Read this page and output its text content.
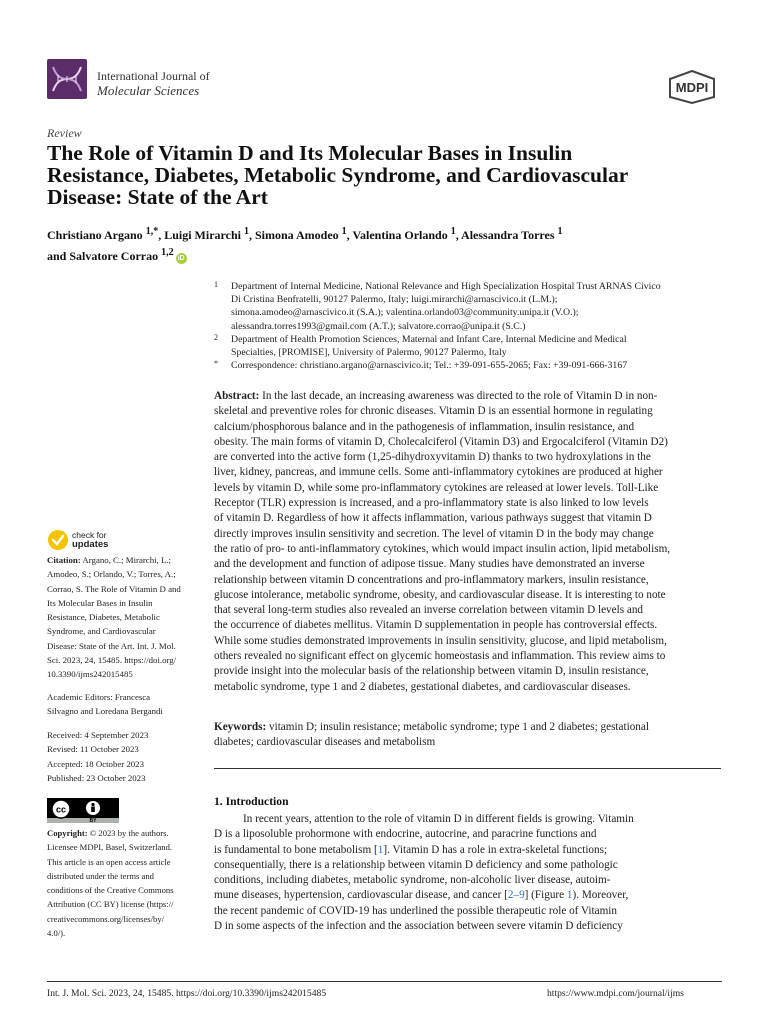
International Journal of
Molecular Sciences	MDPI
Review
The Role of Vitamin D and Its Molecular Bases in Insulin
Resistance, Diabetes, Metabolic Syndrome, and Cardiovascular
Disease: State of the Art
Christiano Argano $^{1,*}$, Luigi Mirarchi $^1$, Simona Amodeo $^1$, Valentina Orlando $^1$, Alessandra Torres $^1$
and Salvatore Corrao $^{1,2}$iD
1 Department of Internal Medicine, National Relevance and High Specialization Hospital Trust ARNAS Civico
Di Cristina Benfratelli, 90127 Palermo, Italy; luigi.mirarchi@arnascivico.it (L.M.);
simona.amodeo@arnascivico.it (S.A.); valentina.orlando03@community.unipa.it (V.O.);
alessandra.torres1993@gmail.com (A.T.); salvatore.corrao@unipa.it (S.C.)
2 Department of Health Promotion Sciences, Maternal and Infant Care, Internal Medicine and Medical
Specialties, [PROMISE], University of Palermo, 90127 Palermo, Italy
* Correspondence: christiano.argano@arnascivico.it; Tel.: +39-091-655-2065; Fax: +39-091-666-3167
Abstract: In the last decade, an increasing awareness was directed to the role of Vitamin D in non-
skeletal and preventive roles for chronic diseases. Vitamin D is an essential hormone in regulating
calcium/phosphorous balance and in the pathogenesis of inflammation, insulin resistance, and
obesity. The main forms of vitamin D, Cholecalciferol (Vitamin D3) and Ergocalciferol (Vitamin D2)
are converted into the active form (1,25-dihydroxyvitamin D) thanks to two hydroxylations in the
liver, kidney, pancreas, and immune cells. Some anti-inflammatory cytokines are produced at higher
levels by vitamin D, while some pro-inflammatory cytokines are released at lower levels. Toll-Like
Receptor (TLR) expression is increased, and a pro-inflammatory state is also linked to low levels
of vitamin D. Regardless of how it affects inflammation, various pathways suggest that vitamin D
directly improves insulin sensitivity and secretion. The level of vitamin D in the body may change
the ratio of pro- to anti-inflammatory cytokines, which would impact insulin action, lipid metabolism,
and the development and function of adipose tissue. Many studies have demonstrated an inverse
relationship between vitamin D concentrations and pro-inflammatory markers, insulin resistance,
glucose intolerance, metabolic syndrome, obesity, and cardiovascular disease. It is interesting to note
that several long-term studies also revealed an inverse correlation between vitamin D levels and
the occurrence of diabetes mellitus. Vitamin D supplementation in people has controversial effects.
While some studies demonstrated improvements in insulin sensitivity, glucose, and lipid metabolism,
others revealed no significant effect on glycemic homeostasis and inflammation. This review aims to
provide insight into the molecular basis of the relationship between vitamin D, insulin resistance,
metabolic syndrome, type 1 and 2 diabetes, gestational diabetes, and cardiovascular diseases.
Keywords: vitamin D; insulin resistance; metabolic syndrome; type 1 and 2 diabetes; gestational
diabetes; cardiovascular diseases and metabolism
1. Introduction
In recent years, attention to the role of vitamin D in different fields is growing. Vitamin
D is a liposoluble prohormone with endocrine, autocrine, and paracrine functions and
is fundamental to bone metabolism [1]. Vitamin D has a role in extra-skeletal functions;
consequentially, there is a relationship between vitamin D deficiency and some pathologic
conditions, including diabetes, metabolic syndrome, non-alcoholic liver disease, autoim-
mune diseases, hypertension, cardiovascular disease, and cancer [2–9] (Figure 1). Moreover,
the recent pandemic of COVID-19 has underlined the possible therapeutic role of Vitamin
D in some aspects of the infection and the association between severe vitamin D deficiency
check for
updates
Citation: Argano, C.; Mirarchi, L.;
Amodeo, S.; Orlando, V.; Torres, A.;
Corrao, S. The Role of Vitamin D and
Its Molecular Bases in Insulin
Resistance, Diabetes, Metabolic
Syndrome, and Cardiovascular
Disease: State of the Art. Int. J. Mol.
Sci. 2023, 24, 15485. https://doi.org/
10.3390/ijms242015485
Academic Editors: Francesca
Silvagno and Loredana Bergandi
Received: 4 September 2023
Revised: 11 October 2023
Accepted: 18 October 2023
Published: 23 October 2023
cc
BY
Copyright: © 2023 by the authors.
Licensee MDPI, Basel, Switzerland.
This article is an open access article
distributed under the terms and
conditions of the Creative Commons
Attribution (CC BY) license (https://
creativecommons.org/licenses/by/
4.0/).
Int. J. Mol. Sci. 2023, 24, 15485. https://doi.org/10.3390/ijms242015485	https://www.mdpi.com/journal/ijms
